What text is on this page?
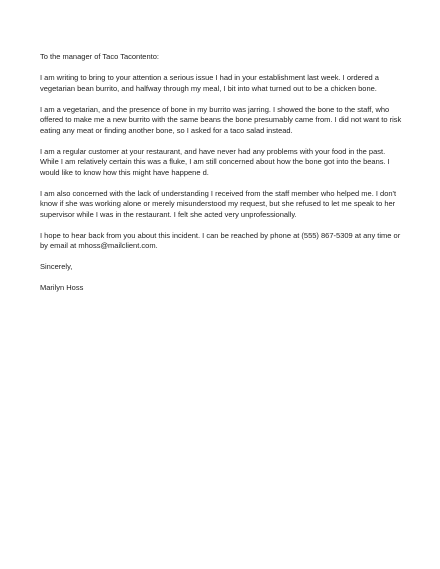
To the manager of Taco Tacontento:

I am writing to bring to your attention a serious issue I had in your establishment last week. I ordered a vegetarian bean burrito, and halfway through my meal, I bit into what turned out to be a chicken bone.

I am a vegetarian, and the presence of bone in my burrito was jarring. I showed the bone to the staff, who offered to make me a new burrito with the same beans the bone presumably came from. I did not want to risk eating any meat or finding another bone, so I asked for a taco salad instead.

I am a regular customer at your restaurant, and have never had any problems with your food in the past. While I am relatively certain this was a fluke, I am still concerned about how the bone got into the beans. I would like to know how this might have happene d.

I am also concerned with the lack of understanding I received from the staff member who helped me. I don't know if she was working alone or merely misunderstood my request, but she refused to let me speak to her supervisor while I was in the restaurant. I felt she acted very unprofessionally.

I hope to hear back from you about this incident. I can be reached by phone at (555) 867-5309 at any time or by email at mhoss@mailclient.com.

Sincerely,

Marilyn Hoss
